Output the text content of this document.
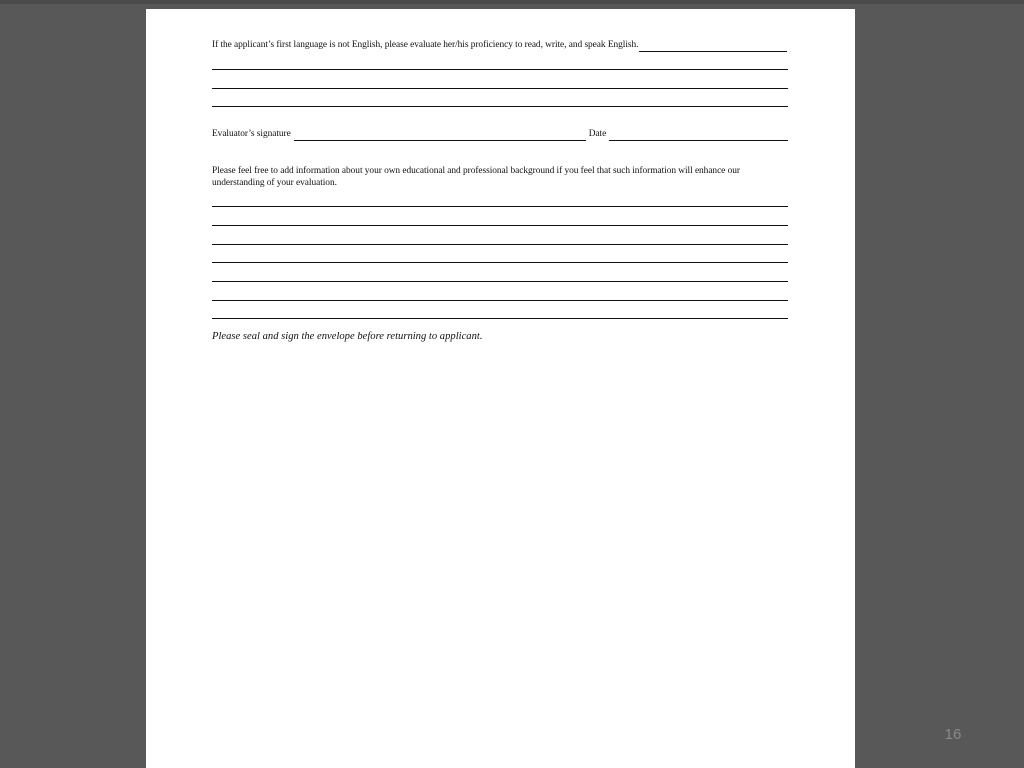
If the applicant’s first language is not English, please evaluate her/his proficiency to read, write, and speak English.
Evaluator’s signature	Date
Please feel free to add information about your own educational and professional background if you feel that such information will enhance our understanding of your evaluation.
Please seal and sign the envelope before returning to applicant.
16
